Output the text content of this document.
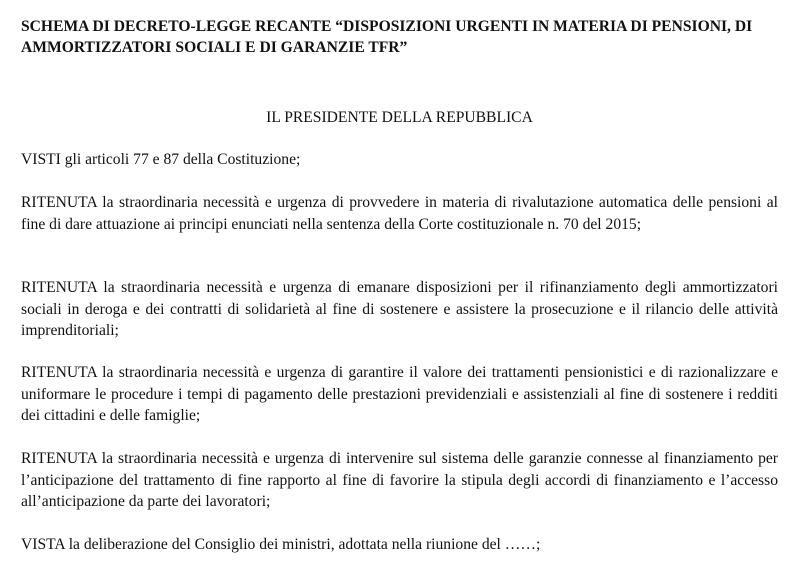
SCHEMA DI DECRETO-LEGGE RECANTE “DISPOSIZIONI URGENTI IN MATERIA DI PENSIONI, DI AMMORTIZZATORI SOCIALI E DI GARANZIE TFR”

IL PRESIDENTE DELLA REPUBBLICA

VISTI gli articoli 77 e 87 della Costituzione;

RITENUTA la straordinaria necessità e urgenza di provvedere in materia di rivalutazione automatica delle pensioni al fine di dare attuazione ai principi enunciati nella sentenza della Corte costituzionale n. 70 del 2015;

RITENUTA la straordinaria necessità e urgenza di emanare disposizioni per il rifinanziamento degli ammortizzatori sociali in deroga e dei contratti di solidarietà al fine di sostenere e assistere la prosecuzione e il rilancio delle attività imprenditoriali;

RITENUTA la straordinaria necessità e urgenza di garantire il valore dei trattamenti pensionistici e di razionalizzare e uniformare le procedure i tempi di pagamento delle prestazioni previdenziali e assistenziali al fine di sostenere i redditi dei cittadini e delle famiglie;

RITENUTA la straordinaria necessità e urgenza di intervenire sul sistema delle garanzie connesse al finanziamento per l’anticipazione del trattamento di fine rapporto al fine di favorire la stipula degli accordi di finanziamento e l’accesso all’anticipazione da parte dei lavoratori;

VISTA la deliberazione del Consiglio dei ministri, adottata nella riunione del ……;
